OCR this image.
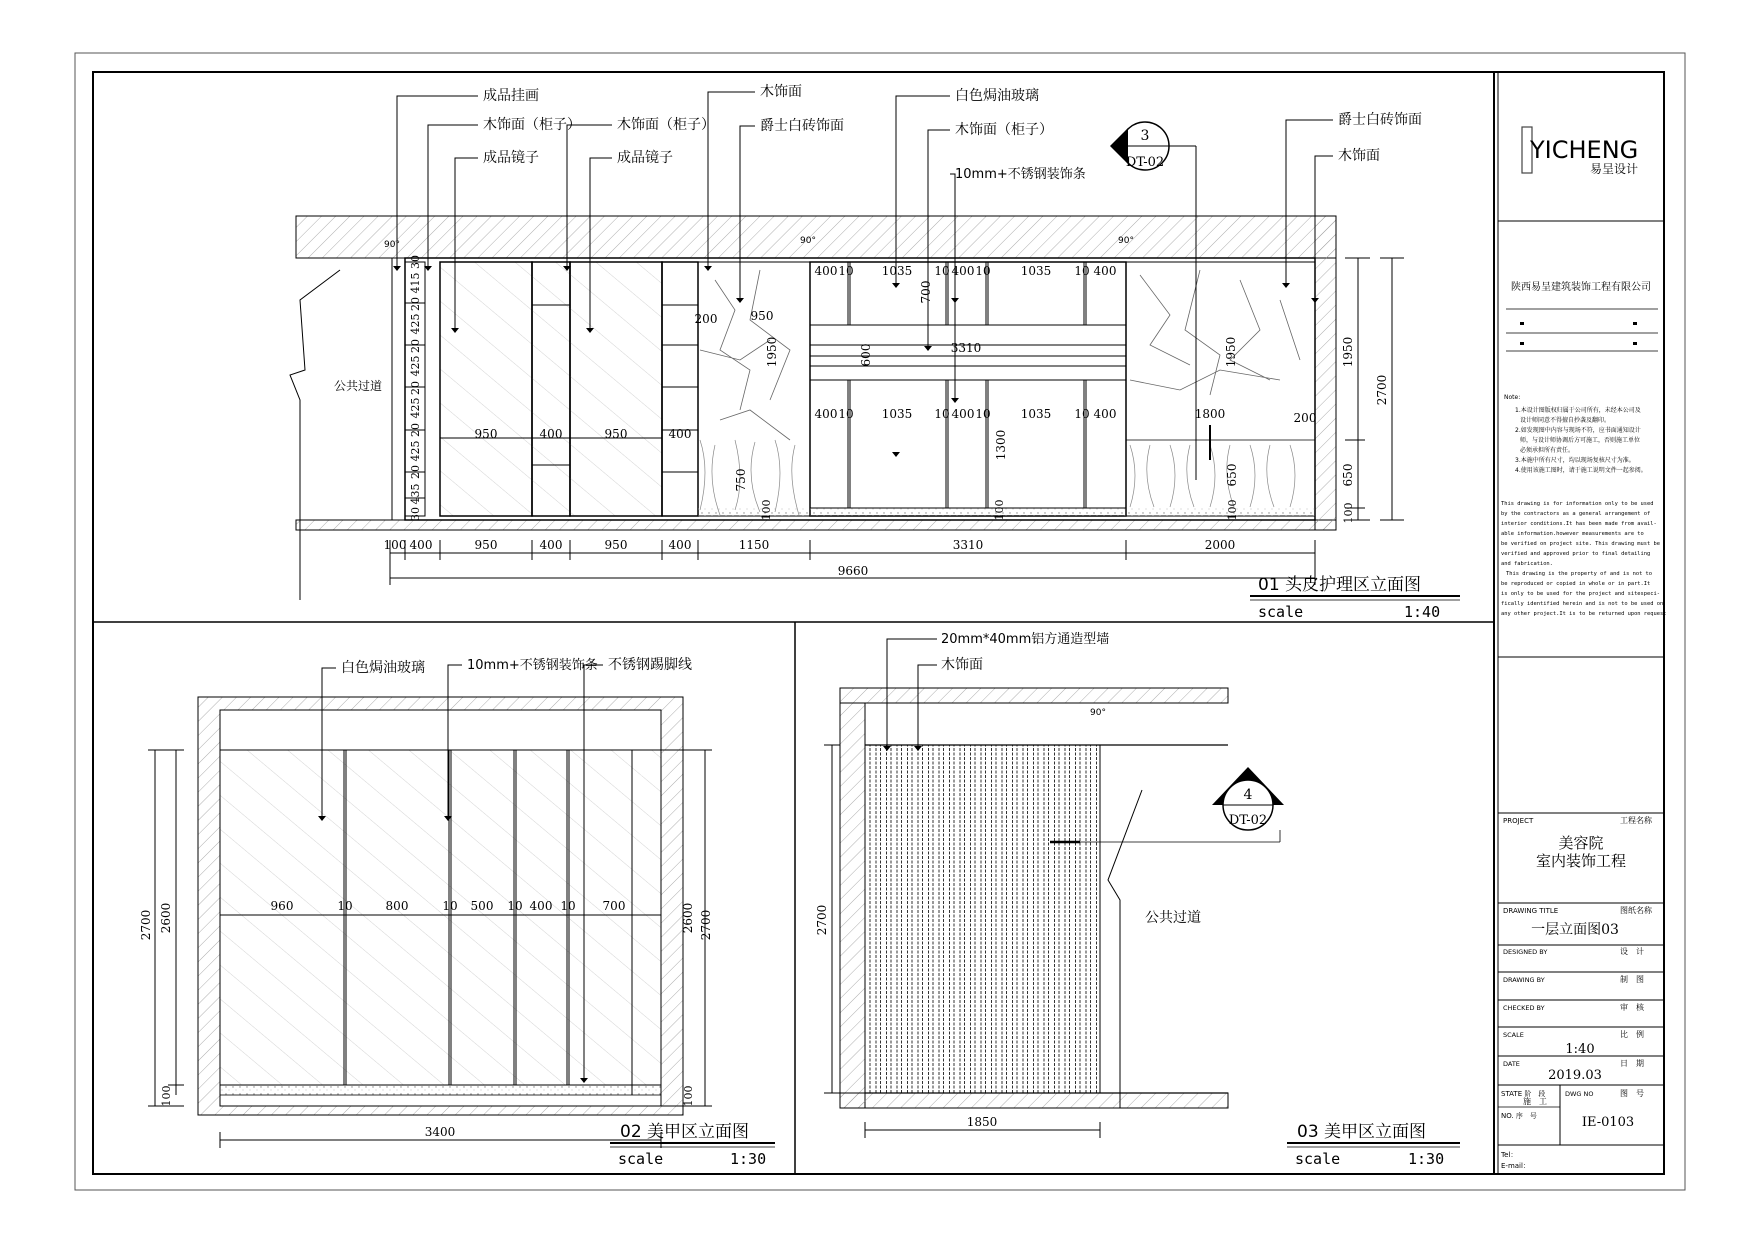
成品挂画
木饰面（柜子）
成品镜子
木饰面（柜子）
成品镜子
木饰面
爵士白砖饰面
白色焗油玻璃
木饰面（柜子）
10mm+不锈钢装饰条
爵士白砖饰面
木饰面
3
DT-02
公共过道
90°	90°	90°
950	400	950	400
200	950
1950
750
100
400 10 1035 10 400 10	1035 10 400
700
3310
600
400 10 1035 10 400 10	1035 10 400
1300
100
1950
1800	200
650
100
30
415
20
425
20
425
20
425
20
425
20
435
30
1950
2700
650
100
100 400	950	400	950	400	1150	3310	2000
9660
01 头皮护理区立面图
scale	1:40
白色焗油玻璃	10mm+不锈钢装饰条 不锈钢踢脚线
960	10	800	10 500 10 400 10 700
2700 2600
100
2600 2700
100
3400	02 美甲区立面图
scale	1:30
20mm*40mm铝方通造型墙
木饰面
90°
4
DT-02
公共过道
2700
1850	03 美甲区立面图
scale	1:30
YICHENG
易呈设计
陕西易呈建筑装饰工程有限公司
Note:
1.本设计图版权归属于公司所有，未经本公司及
设计师同意不得擅自抄袭及翻印。
2.如发现图中内容与现场不符，应书面通知设计
师，与设计师协调后方可施工，否则施工单位
必须承担所有责任。
3.本施中所有尺寸，均以现场复核尺寸为准。
4.使用该施工图时，请于施工说明文件一起参阅。
This drawing is for information only to be used
by the contractors as a general arrangement of
interior conditions.It has been made from avail-
able information.however measurements are to
be verified on project site. This drawing must be
verified and approved prior to final detailing
and fabrication.
This drawing is the property of and is not to
be reproduced or copied in whole or in part.It
is only to be used for the project and sitespeci-
fically identified herein and is not to be used on
any other project.It is to be returned upon request
PROJECT	工程名称
美容院
室内装饰工程
DRAWING TITLE	图纸名称
一层立面图03
DESIGNED BY	设　计
DRAWING BY	制　图
CHECKED BY	审　核
SCALE	比　例
1:40
DATE	日　期
2019.03
STATE 阶　段	DWG NO	图　号
施　工
NO. 序　号	IE-0103
Tel：
E-mail：
